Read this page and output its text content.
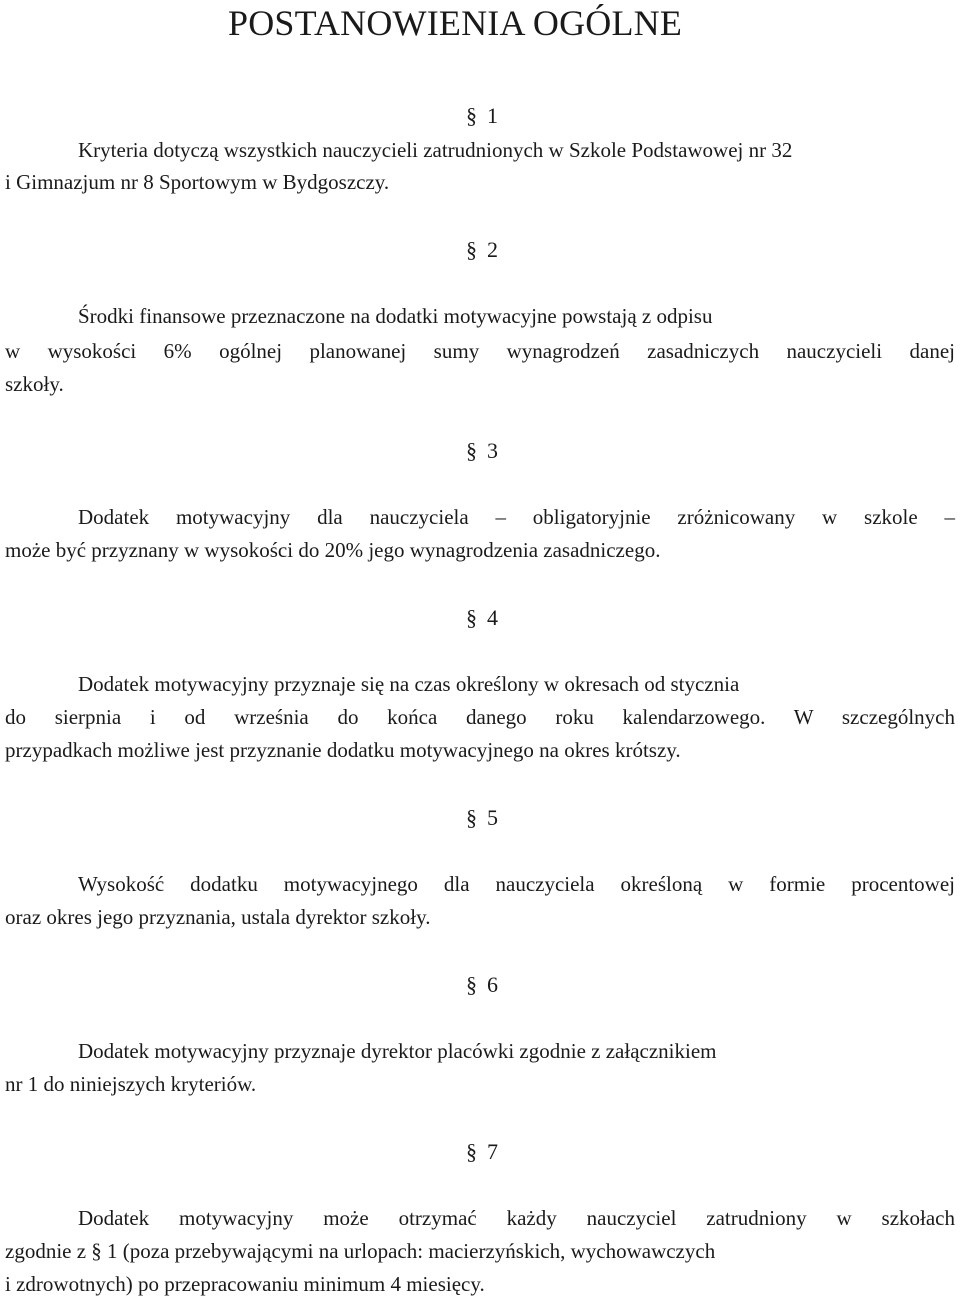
POSTANOWIENIA OGÓLNE
§ 1
Kryteria dotyczą wszystkich nauczycieli zatrudnionych w Szkole Podstawowej nr 32
i Gimnazjum nr 8 Sportowym w Bydgoszczy.
§ 2
Środki finansowe przeznaczone na dodatki motywacyjne powstają z odpisu
w wysokości 6% ogólnej planowanej sumy wynagrodzeń zasadniczych nauczycieli danej
szkoły.
§ 3
Dodatek motywacyjny dla nauczyciela – obligatoryjnie zróżnicowany w szkole –
może być przyznany w wysokości do 20% jego wynagrodzenia zasadniczego.
§ 4
Dodatek motywacyjny przyznaje się na czas określony w okresach od stycznia
do sierpnia i od września do końca danego roku kalendarzowego. W szczególnych
przypadkach możliwe jest przyznanie dodatku motywacyjnego na okres krótszy.
§ 5
Wysokość dodatku motywacyjnego dla nauczyciela określoną w formie procentowej
oraz okres jego przyznania, ustala dyrektor szkoły.
§ 6
Dodatek motywacyjny przyznaje dyrektor placówki zgodnie z załącznikiem
nr 1 do niniejszych kryteriów.
§ 7
Dodatek motywacyjny może otrzymać każdy nauczyciel zatrudniony w szkołach
zgodnie z § 1 (poza przebywającymi na urlopach: macierzyńskich, wychowawczych
i zdrowotnych) po przepracowaniu minimum 4 miesięcy.
